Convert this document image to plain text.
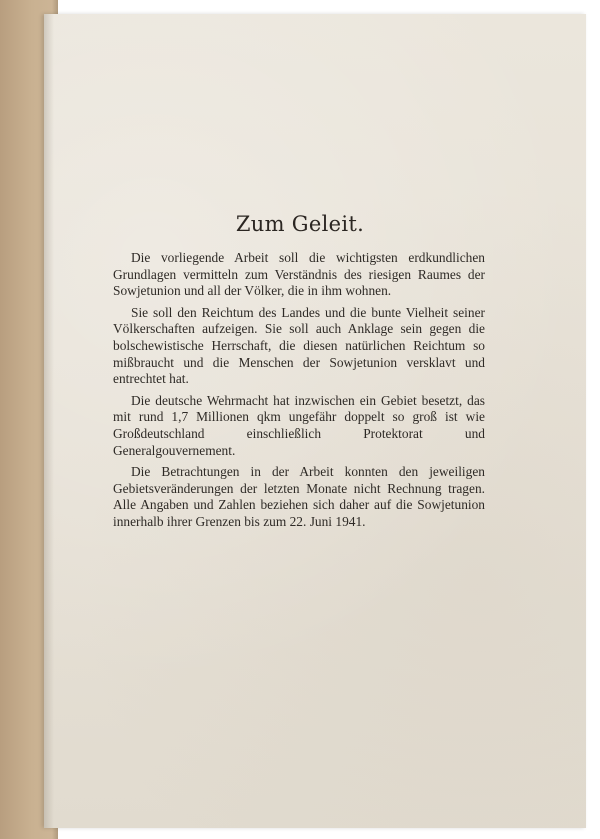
Zum Geleit.

Die vorliegende Arbeit soll die wichtigsten erdkundlichen Grundlagen vermitteln zum Verständnis des riesigen Raumes der Sowjetunion und all der Völker, die in ihm wohnen.

Sie soll den Reichtum des Landes und die bunte Vielheit seiner Völkerschaften aufzeigen. Sie soll auch Anklage sein gegen die bolschewistische Herrschaft, die diesen natürlichen Reichtum so mißbraucht und die Menschen der Sowjetunion versklavt und entrechtet hat.

Die deutsche Wehrmacht hat inzwischen ein Gebiet besetzt, das mit rund 1,7 Millionen qkm ungefähr doppelt so groß ist wie Großdeutschland einschließlich Protektorat und Generalgouvernement.

Die Betrachtungen in der Arbeit konnten den jeweiligen Gebietsveränderungen der letzten Monate nicht Rechnung tragen. Alle Angaben und Zahlen beziehen sich daher auf die Sowjetunion innerhalb ihrer Grenzen bis zum 22. Juni 1941.
